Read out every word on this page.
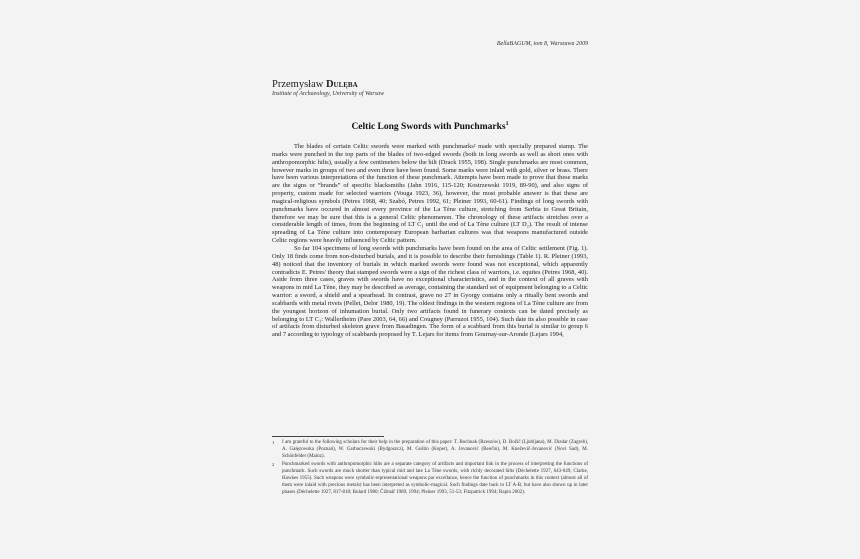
BellaBAGUM, tom 8, Warszawa 2009
Przemysław Dulęba
Institute of Archaeology, University of Warsaw
Celtic Long Swords with Punchmarks$^1$

The blades of certain Celtic swords were marked with punchmarks² made with specially prepared stamp. The marks were punched in the top parts of the blades of two-edged swords (both in long swords as well as short ones with anthropomorphic hilts), usually a few centimeters below the hilt (Drack 1955, 198). Single punchmarks are most common, however marks in groups of two and even three have been found. Some marks were inlaid with gold, silver or brass. There have been various interpretations of the function of these punchmark. Attempts have been made to prove that these marks are the signs or “brands” of specific blacksmiths (Jahn 1916, 115-120; Kostrzewski 1919, 89-90), and also signs of property, custom made for selected warriors (Vouga 1923, 36), however, the most probable answer is that these are magical-religious symbols (Petres 1968, 40; Szabó, Petres 1992, 61; Pleiner 1993, 60-61). Findings of long swords with punchmarks have occured in almost every province of the La Tène culture, stretching from Serbia to Great Britain, therefore we may be sure that this is a general Celtic phenomenon. The chronology of these artifacts stretches over a considerable length of times, from the beginning of LT C₁ until the end of La Tène culture (LT D₂). The result of intense spreading of La Tène culture into contemporary European barbarian cultures was that weapons manufactured outside Celtic regions were heavily influenced by Celtic pattern.

So far 104 specimens of long swords with punchmarks have been found on the area of Celtic settlement (Fig. 1). Only 18 finds come from non-disturbed burials, and it is possible to describe their furnishings (Table 1). R. Pleiner (1993, 48) noticed that the inventory of burials in which marked swords were found was not exceptional, which apparently contradicts E. Petres' theory that stamped swords were a sign of the richest class of warriors, i.e. equites (Petres 1968, 40). Aside from three cases, graves with swords have no exceptional characteristics, and in the context of all graves with weapons in mid La Tène, they may be described as average, containing the standard set of equipment belonging to a Celtic warrior: a sword, a shield and a spearhead. In contrast, grave no 27 in Gyorgy contains only a ritually bent swords and scabbards with metal rivets (Pellet, Delor 1980, 19). The oldest findings in the western regions of La Tène culture are from the youngest horizon of inhumation burial. Only two artifacts found in funerary contexts can be dated precisely as belonging to LT C₁: Wallertheim (Pare 2003, 64, 66) and Cougney (Parruzot 1955, 104). Such date its also possible in case of artifacts from disturbed skeleton grave from Basadingen. The form of a scabbard from this burial is similar to group 6 and 7 according to typology of scabbards proposed by T. Lejars for items from Gournay-sur-Aronde (Lejars 1994,

1	I am grateful to the following scholars for their help in the preparation of this paper: T. Bochnak (Rzeszów), D. Božič (Ljubljana), M. Dizdar (Zagreb), A. Gałęzowska (Poznań), W. Garbaczewski (Bydgoszcz), M. Guštin (Koper), A. Jovanović (Beočin), M. Kneževič-Jovanović (Novi Sad), M. Schönfelder (Mainz).
2	Punchmarked swords with anthropomorphic hilts are a separate category of artifacts and important link in the process of interpreting the functions of punchmark. Such swords are much shorter than typical mid and late La Tène swords, with richly decorated hilts (Déchelette 1927, 643-649; Clarke, Hawkes 1955). Such weapons were symbolic-representational weapons par excellance, hence the function of punchmarks in this context (almost all of them were inlaid with precious metals) has been interpreted as symbolic-magical. Such findings date back to LT A-B, but have also shown up in later phases (Déchelette 1927, 817-818; Bulard 1980; Čižmář 1989, 1994; Pleiner 1993, 51-53; Fitzpatrick 1994; Rapin 2002).
